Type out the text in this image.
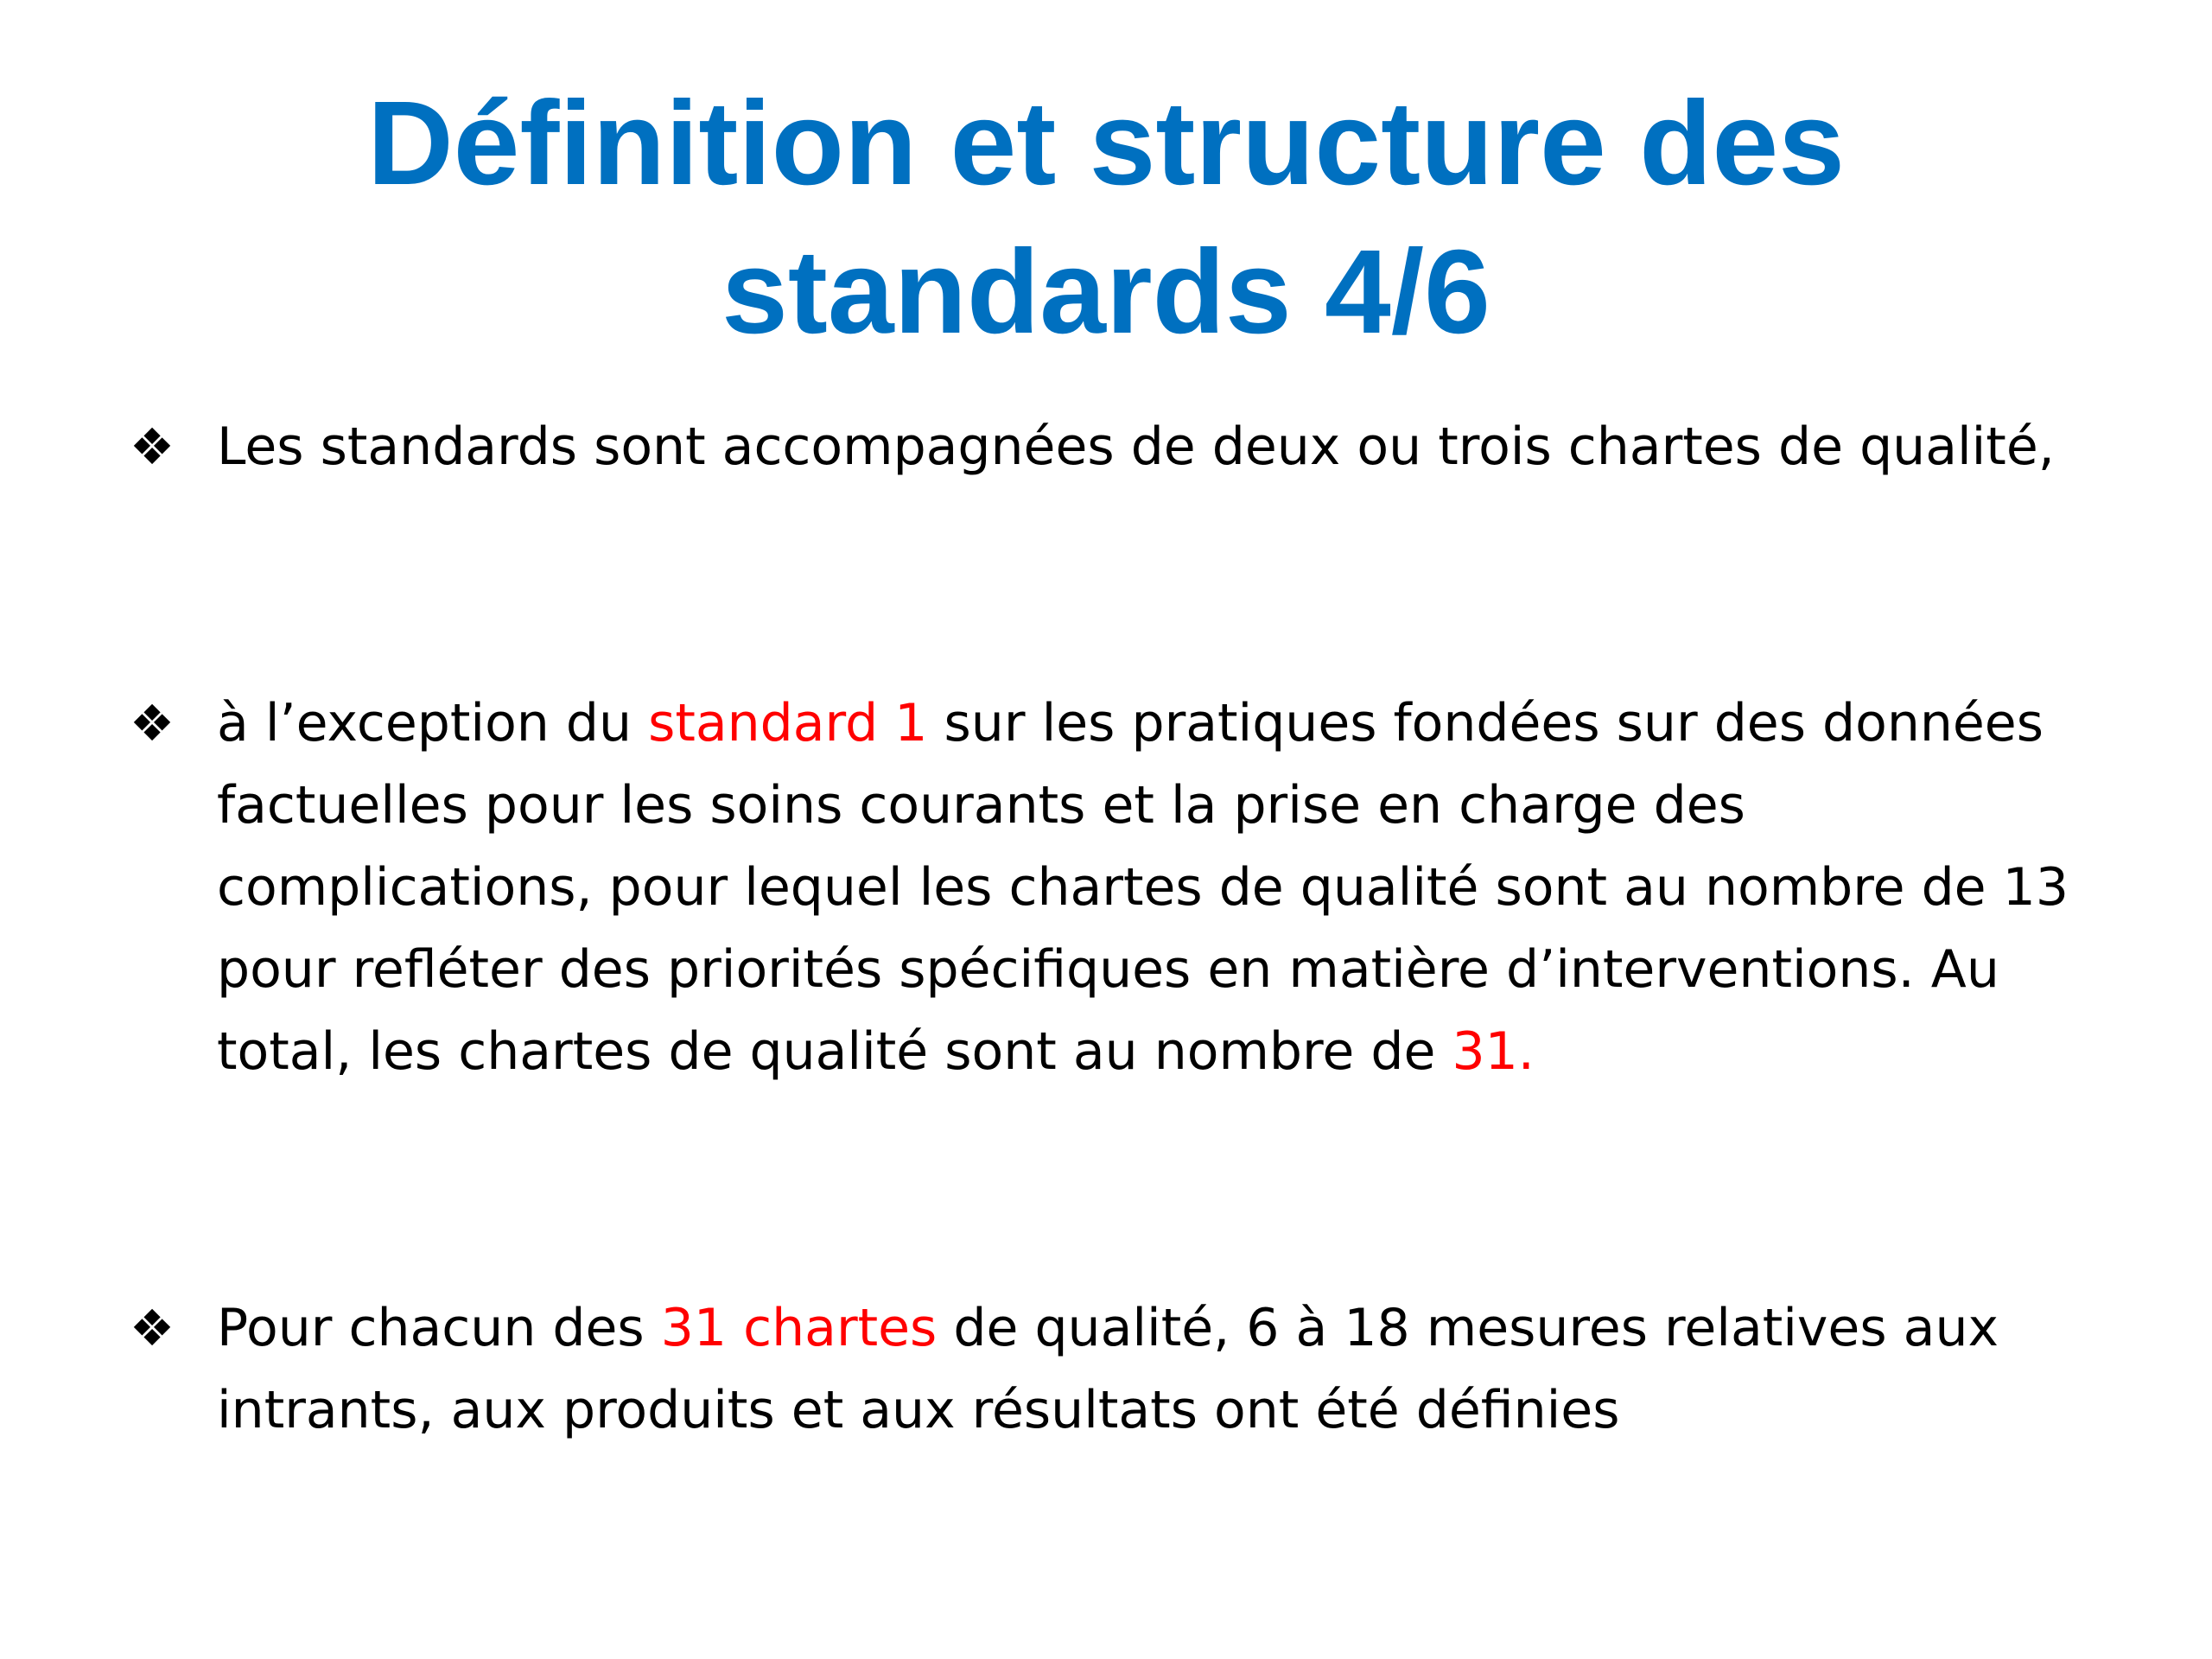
Définition et structure des
standards 4/6
❖ Les standards sont accompagnées de deux ou trois chartes de qualité,
❖ à l’exception du standard 1 sur les pratiques fondées sur des données factuelles pour les soins courants et la prise en charge des complications, pour lequel les chartes de qualité sont au nombre de 13 pour refléter des priorités spécifiques en matière d’interventions. Au total, les chartes de qualité sont au nombre de 31.
❖ Pour chacun des 31 chartes de qualité, 6 à 18 mesures relatives aux intrants, aux produits et aux résultats ont été définies
